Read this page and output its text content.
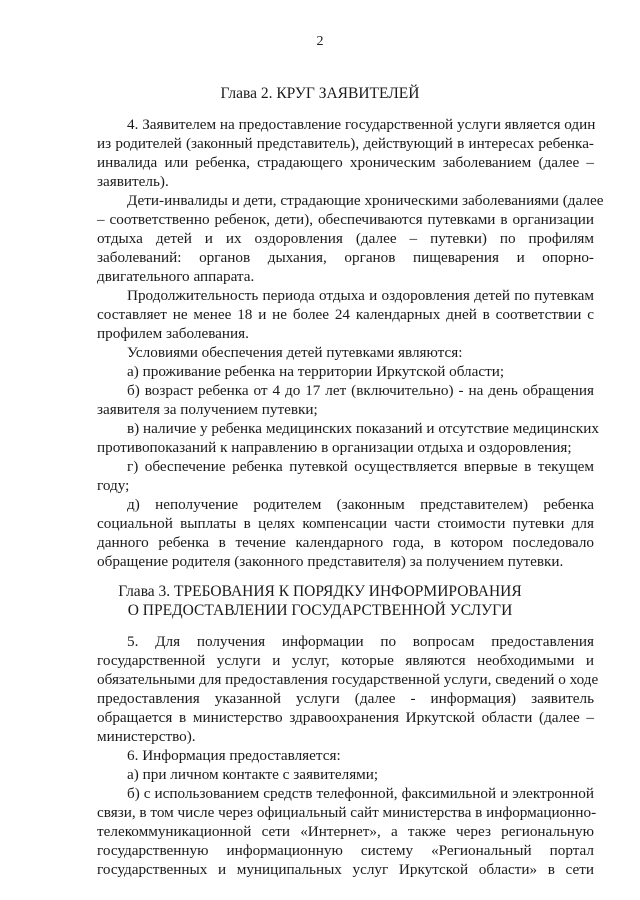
2
Глава 2. КРУГ ЗАЯВИТЕЛЕЙ
4. Заявителем на предоставление государственной услуги является один
из родителей (законный представитель), действующий в интересах ребенка-
инвалида или ребенка, страдающего хроническим заболеванием (далее –
заявитель).
Дети-инвалиды и дети, страдающие хроническими заболеваниями (далее
– соответственно ребенок, дети), обеспечиваются путевками в организации
отдыха детей и их оздоровления (далее – путевки) по профилям
заболеваний: органов дыхания, органов пищеварения и опорно-
двигательного аппарата.
Продолжительность периода отдыха и оздоровления детей по путевкам
составляет не менее 18 и не более 24 календарных дней в соответствии с
профилем заболевания.
Условиями обеспечения детей путевками являются:
а) проживание ребенка на территории Иркутской области;
б) возраст ребенка от 4 до 17 лет (включительно) - на день обращения
заявителя за получением путевки;
в) наличие у ребенка медицинских показаний и отсутствие медицинских
противопоказаний к направлению в организации отдыха и оздоровления;
г) обеспечение ребенка путевкой осуществляется впервые в текущем
году;
д) неполучение родителем (законным представителем) ребенка
социальной выплаты в целях компенсации части стоимости путевки для
данного ребенка в течение календарного года, в котором последовало
обращение родителя (законного представителя) за получением путевки.
Глава 3. ТРЕБОВАНИЯ К ПОРЯДКУ ИНФОРМИРОВАНИЯ
О ПРЕДОСТАВЛЕНИИ ГОСУДАРСТВЕННОЙ УСЛУГИ
5. Для получения информации по вопросам предоставления
государственной услуги и услуг, которые являются необходимыми и
обязательными для предоставления государственной услуги, сведений о ходе
предоставления указанной услуги (далее - информация) заявитель
обращается в министерство здравоохранения Иркутской области (далее –
министерство).
6. Информация предоставляется:
а) при личном контакте с заявителями;
б) с использованием средств телефонной, факсимильной и электронной
связи, в том числе через официальный сайт министерства в информационно-
телекоммуникационной сети «Интернет», а также через региональную
государственную информационную систему «Региональный портал
государственных и муниципальных услуг Иркутской области» в сети
